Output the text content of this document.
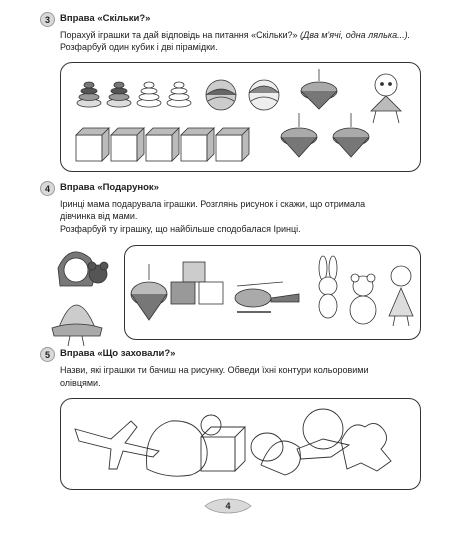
3	Вправа «Скільки?»

Порахуй іграшки та дай відповідь на питання «Скільки?» (Два м'ячі, одна лялька...).

Розфарбуй один кубик і дві пірамідки.

4	Вправа «Подарунок»

Іринці мама подарувала іграшки. Розглянь рисунок і скажи, що отримала

дівчинка від мами.

Розфарбуй ту іграшку, що найбільше сподобалася Іринці.

5	Вправа «Що заховали?»

Назви, які іграшки ти бачиш на рисунку. Обведи їхні контури кольоровими

олівцями.

4
